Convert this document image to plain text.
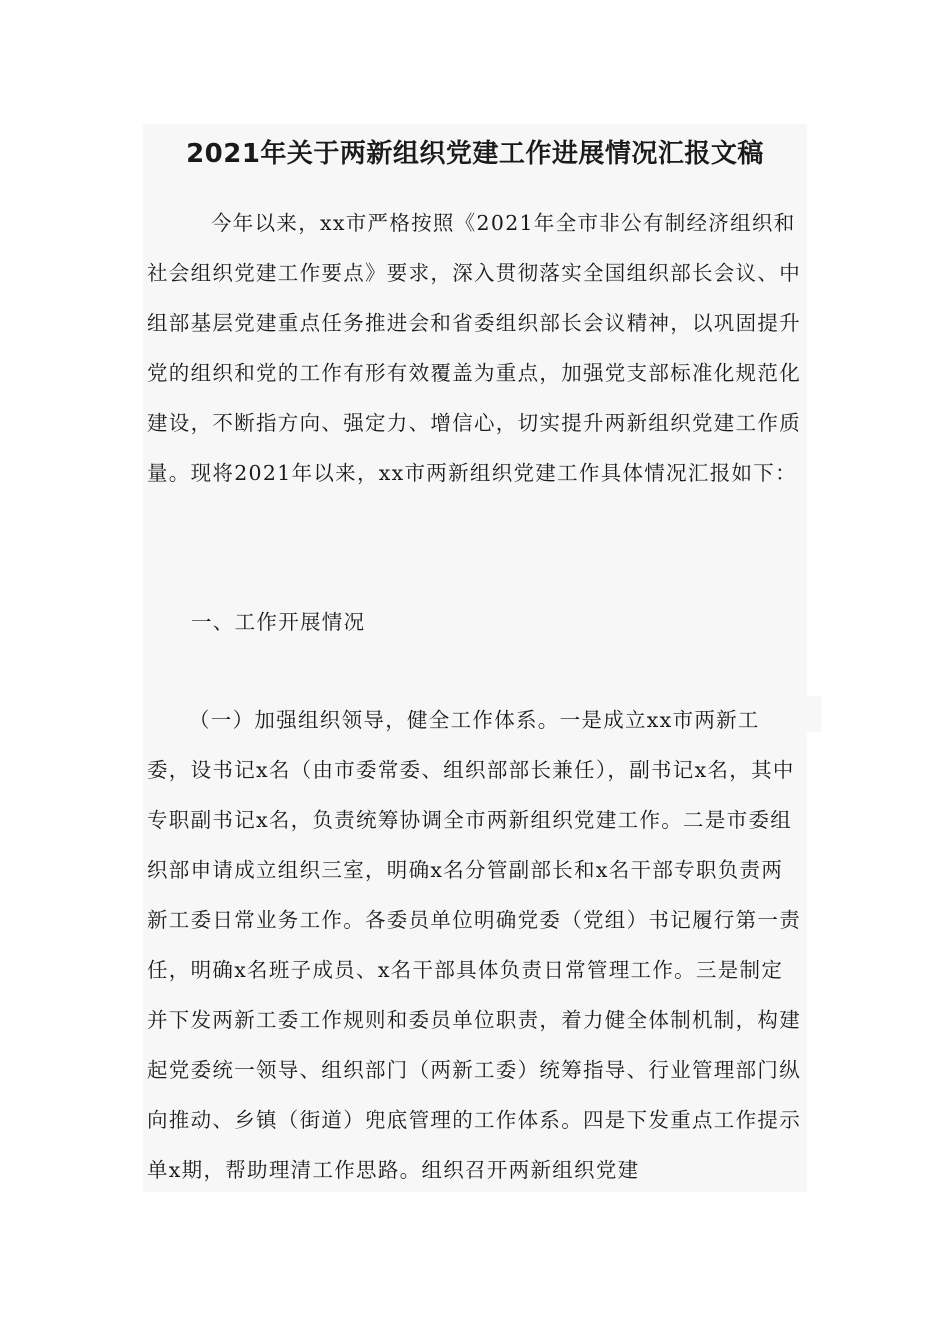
2021年关于两新组织党建工作进展情况汇报文稿

今年以来，xx市严格按照《2021年全市非公有制经济组织和社会组织党建工作要点》要求，深入贯彻落实全国组织部长会议、中组部基层党建重点任务推进会和省委组织部长会议精神，以巩固提升党的组织和党的工作有形有效覆盖为重点，加强党支部标准化规范化建设，不断指方向、强定力、增信心，切实提升两新组织党建工作质量。现将2021年以来，xx市两新组织党建工作具体情况汇报如下：

一、工作开展情况

（一）加强组织领导，健全工作体系。一是成立xx市两新工委，设书记x名（由市委常委、组织部部长兼任），副书记x名，其中专职副书记x名，负责统筹协调全市两新组织党建工作。二是市委组织部申请成立组织三室，明确x名分管副部长和x名干部专职负责两新工委日常业务工作。各委员单位明确党委（党组）书记履行第一责任，明确x名班子成员、x名干部具体负责日常管理工作。三是制定并下发两新工委工作规则和委员单位职责，着力健全体制机制，构建起党委统一领导、组织部门（两新工委）统筹指导、行业管理部门纵向推动、乡镇（街道）兜底管理的工作体系。四是下发重点工作提示单x期，帮助理清工作思路。组织召开两新组织党建
